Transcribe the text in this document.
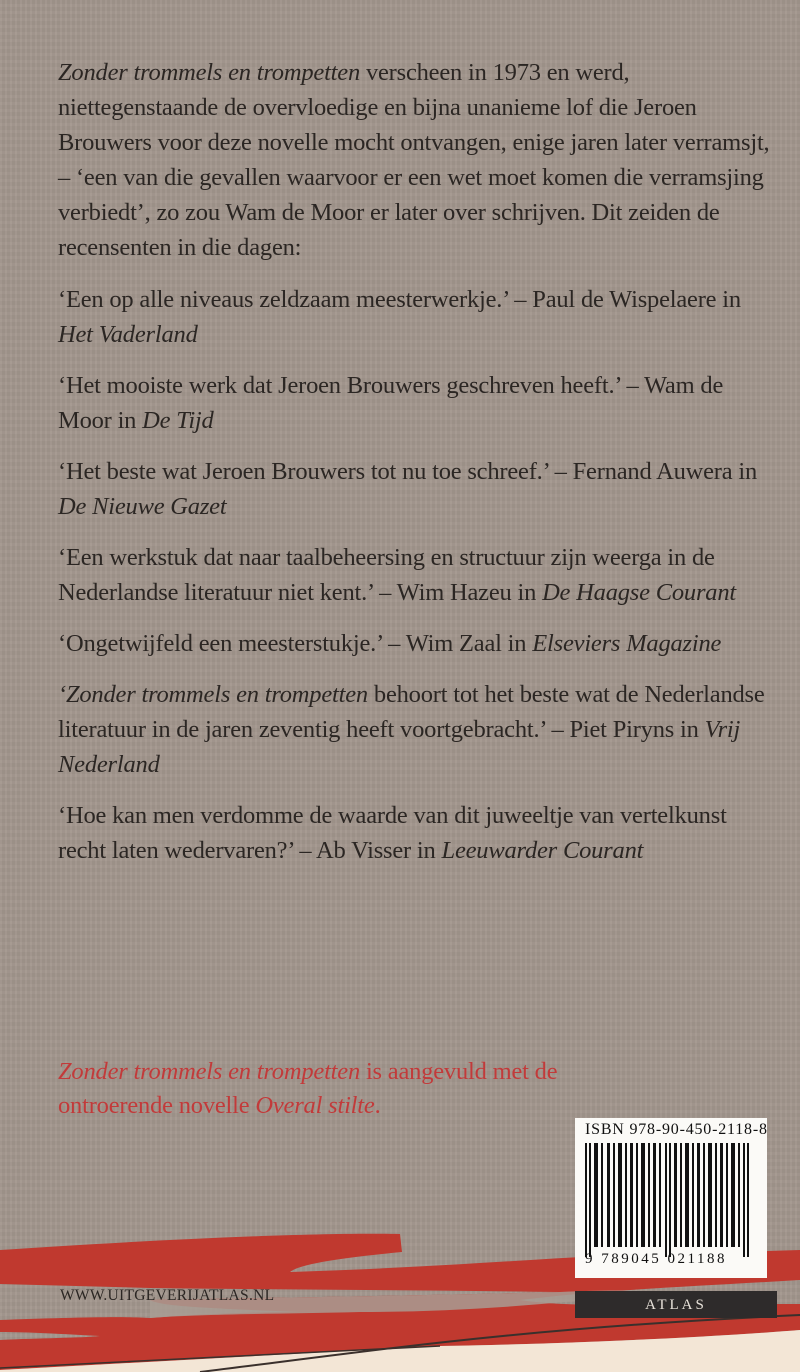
Zonder trommels en trompetten verscheen in 1973 en werd, niettegenstaande de overvloedige en bijna unanieme lof die Jeroen Brouwers voor deze novelle mocht ontvangen, enige jaren later verramsjt, – ‘een van die gevallen waarvoor er een wet moet komen die verramsjing verbiedt’, zo zou Wam de Moor er later over schrijven. Dit zeiden de recensenten in die dagen:

‘Een op alle niveaus zeldzaam meesterwerkje.’ – Paul de Wispelaere in Het Vaderland

‘Het mooiste werk dat Jeroen Brouwers geschreven heeft.’ – Wam de Moor in De Tijd

‘Het beste wat Jeroen Brouwers tot nu toe schreef.’ – Fernand Auwera in De Nieuwe Gazet

‘Een werkstuk dat naar taalbeheersing en structuur zijn weerga in de Nederlandse literatuur niet kent.’ – Wim Hazeu in De Haagse Courant

‘Ongetwijfeld een meesterstukje.’ – Wim Zaal in Elseviers Magazine

‘Zonder trommels en trompetten behoort tot het beste wat de Nederlandse literatuur in de jaren zeventig heeft voortgebracht.’ – Piet Piryns in Vrij Nederland

‘Hoe kan men verdomme de waarde van dit juweeltje van vertelkunst recht laten wedervaren?’ – Ab Visser in Leeuwarder Courant

Zonder trommels en trompetten is aangevuld met de ontroerende novelle Overal stilte.

WWW.UITGEVERIJATLAS.NL
ISBN 978-90-450-2118-8
9 789045 021188
ATLAS
